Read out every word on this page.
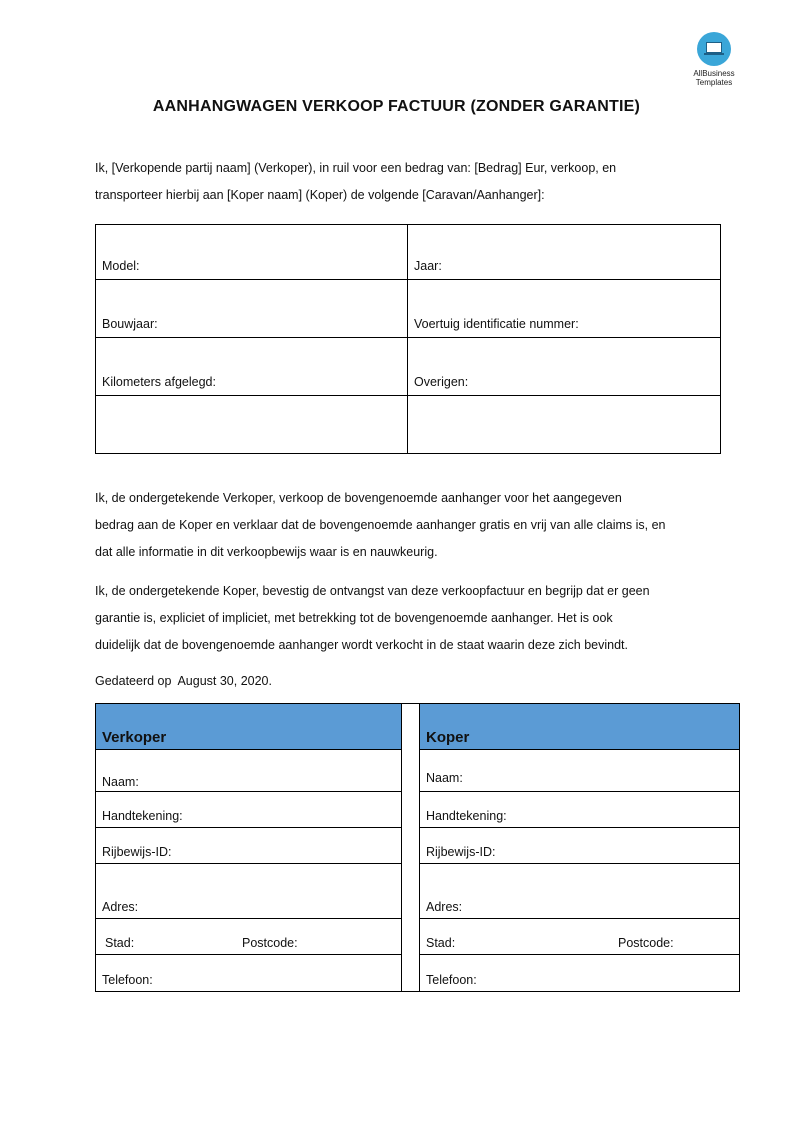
AllBusiness
Templates
AANHANGWAGEN VERKOOP FACTUUR (ZONDER GARANTIE)
Ik, [Verkopende partij naam] (Verkoper), in ruil voor een bedrag van: [Bedrag] Eur, verkoop, en
transporteer hierbij aan [Koper naam] (Koper) de volgende [Caravan/Aanhanger]:
Model:	Jaar:
Bouwjaar:	Voertuig identificatie nummer:
Kilometers afgelegd:	Overigen:
Ik, de ondergetekende Verkoper, verkoop de bovengenoemde aanhanger voor het aangegeven
bedrag aan de Koper en verklaar dat de bovengenoemde aanhanger gratis en vrij van alle claims is, en
dat alle informatie in dit verkoopbewijs waar is en nauwkeurig.
Ik, de ondergetekende Koper, bevestig de ontvangst van deze verkoopfactuur en begrijp dat er geen
garantie is, expliciet of impliciet, met betrekking tot de bovengenoemde aanhanger. Het is ook
duidelijk dat de bovengenoemde aanhanger wordt verkocht in de staat waarin deze zich bevindt.
Gedateerd op August 30, 2020.
Verkoper
Naam:
Handtekening:
Rijbewijs-ID:
Adres:
Stad:	Postcode:
Telefoon:
Koper
Naam:
Handtekening:
Rijbewijs-ID:
Adres:
Stad:	Postcode:
Telefoon:
